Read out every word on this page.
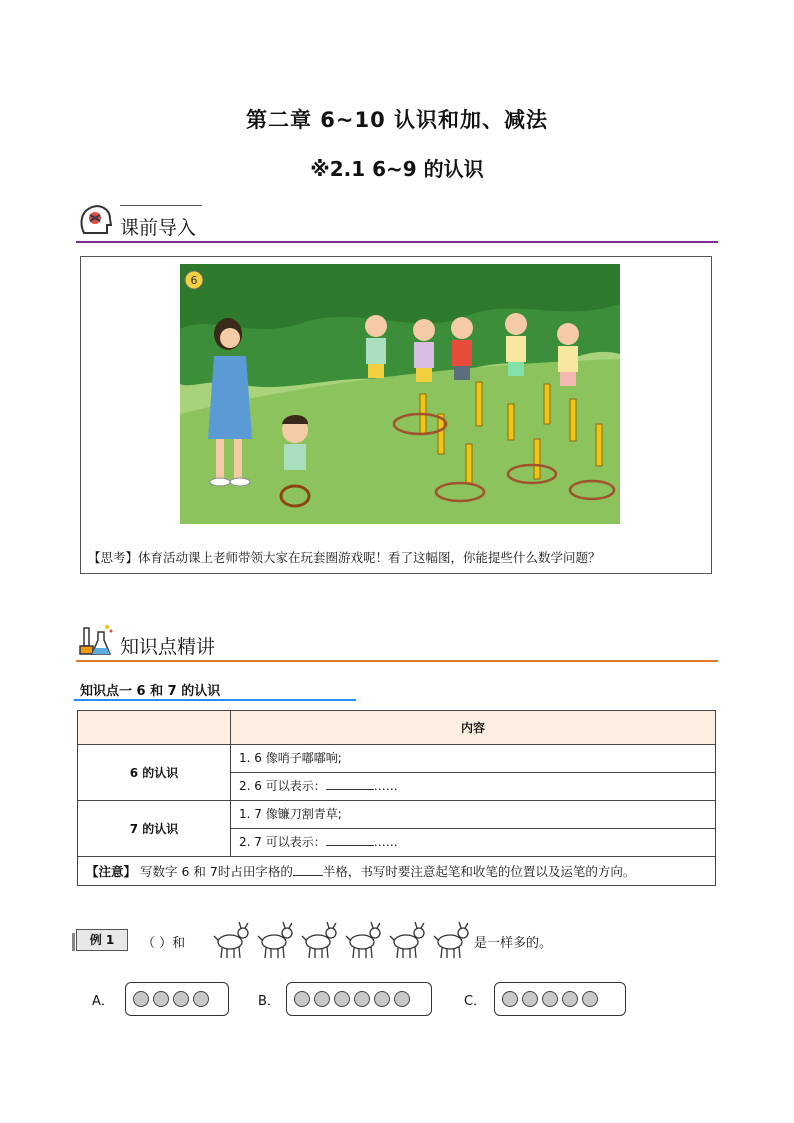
第二章 6~10 认识和加、减法
※2.1 6~9 的认识
课前导入
6
【思考】体育活动课上老师带领大家在玩套圈游戏呢！看了这幅图，你能提些什么数学问题？
知识点精讲
知识点一 6 和 7 的认识
	内容
6 的认识	1. 6 像哨子嘟嘟响;
	2. 6 可以表示： ……
7 的认识	1. 7 像镰刀割青草;
	2. 7 可以表示： ……
【注意】 写数字 6 和 7时占田字格的 半格，书写时要注意起笔和收笔的位置以及运笔的方向。	
例 1	（ ）和	是一样多的。
A．	B．	C．
